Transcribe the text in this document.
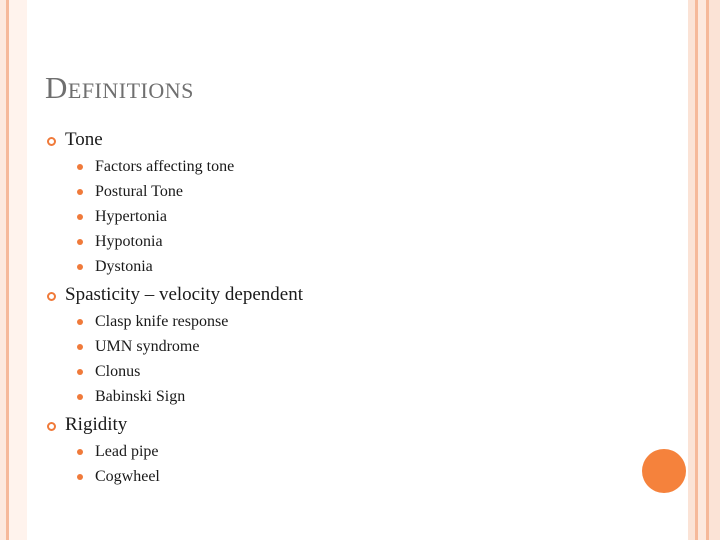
Definitions
Tone
Factors affecting tone
Postural Tone
Hypertonia
Hypotonia
Dystonia
Spasticity – velocity dependent
Clasp knife response
UMN syndrome
Clonus
Babinski Sign
Rigidity
Lead pipe
Cogwheel
